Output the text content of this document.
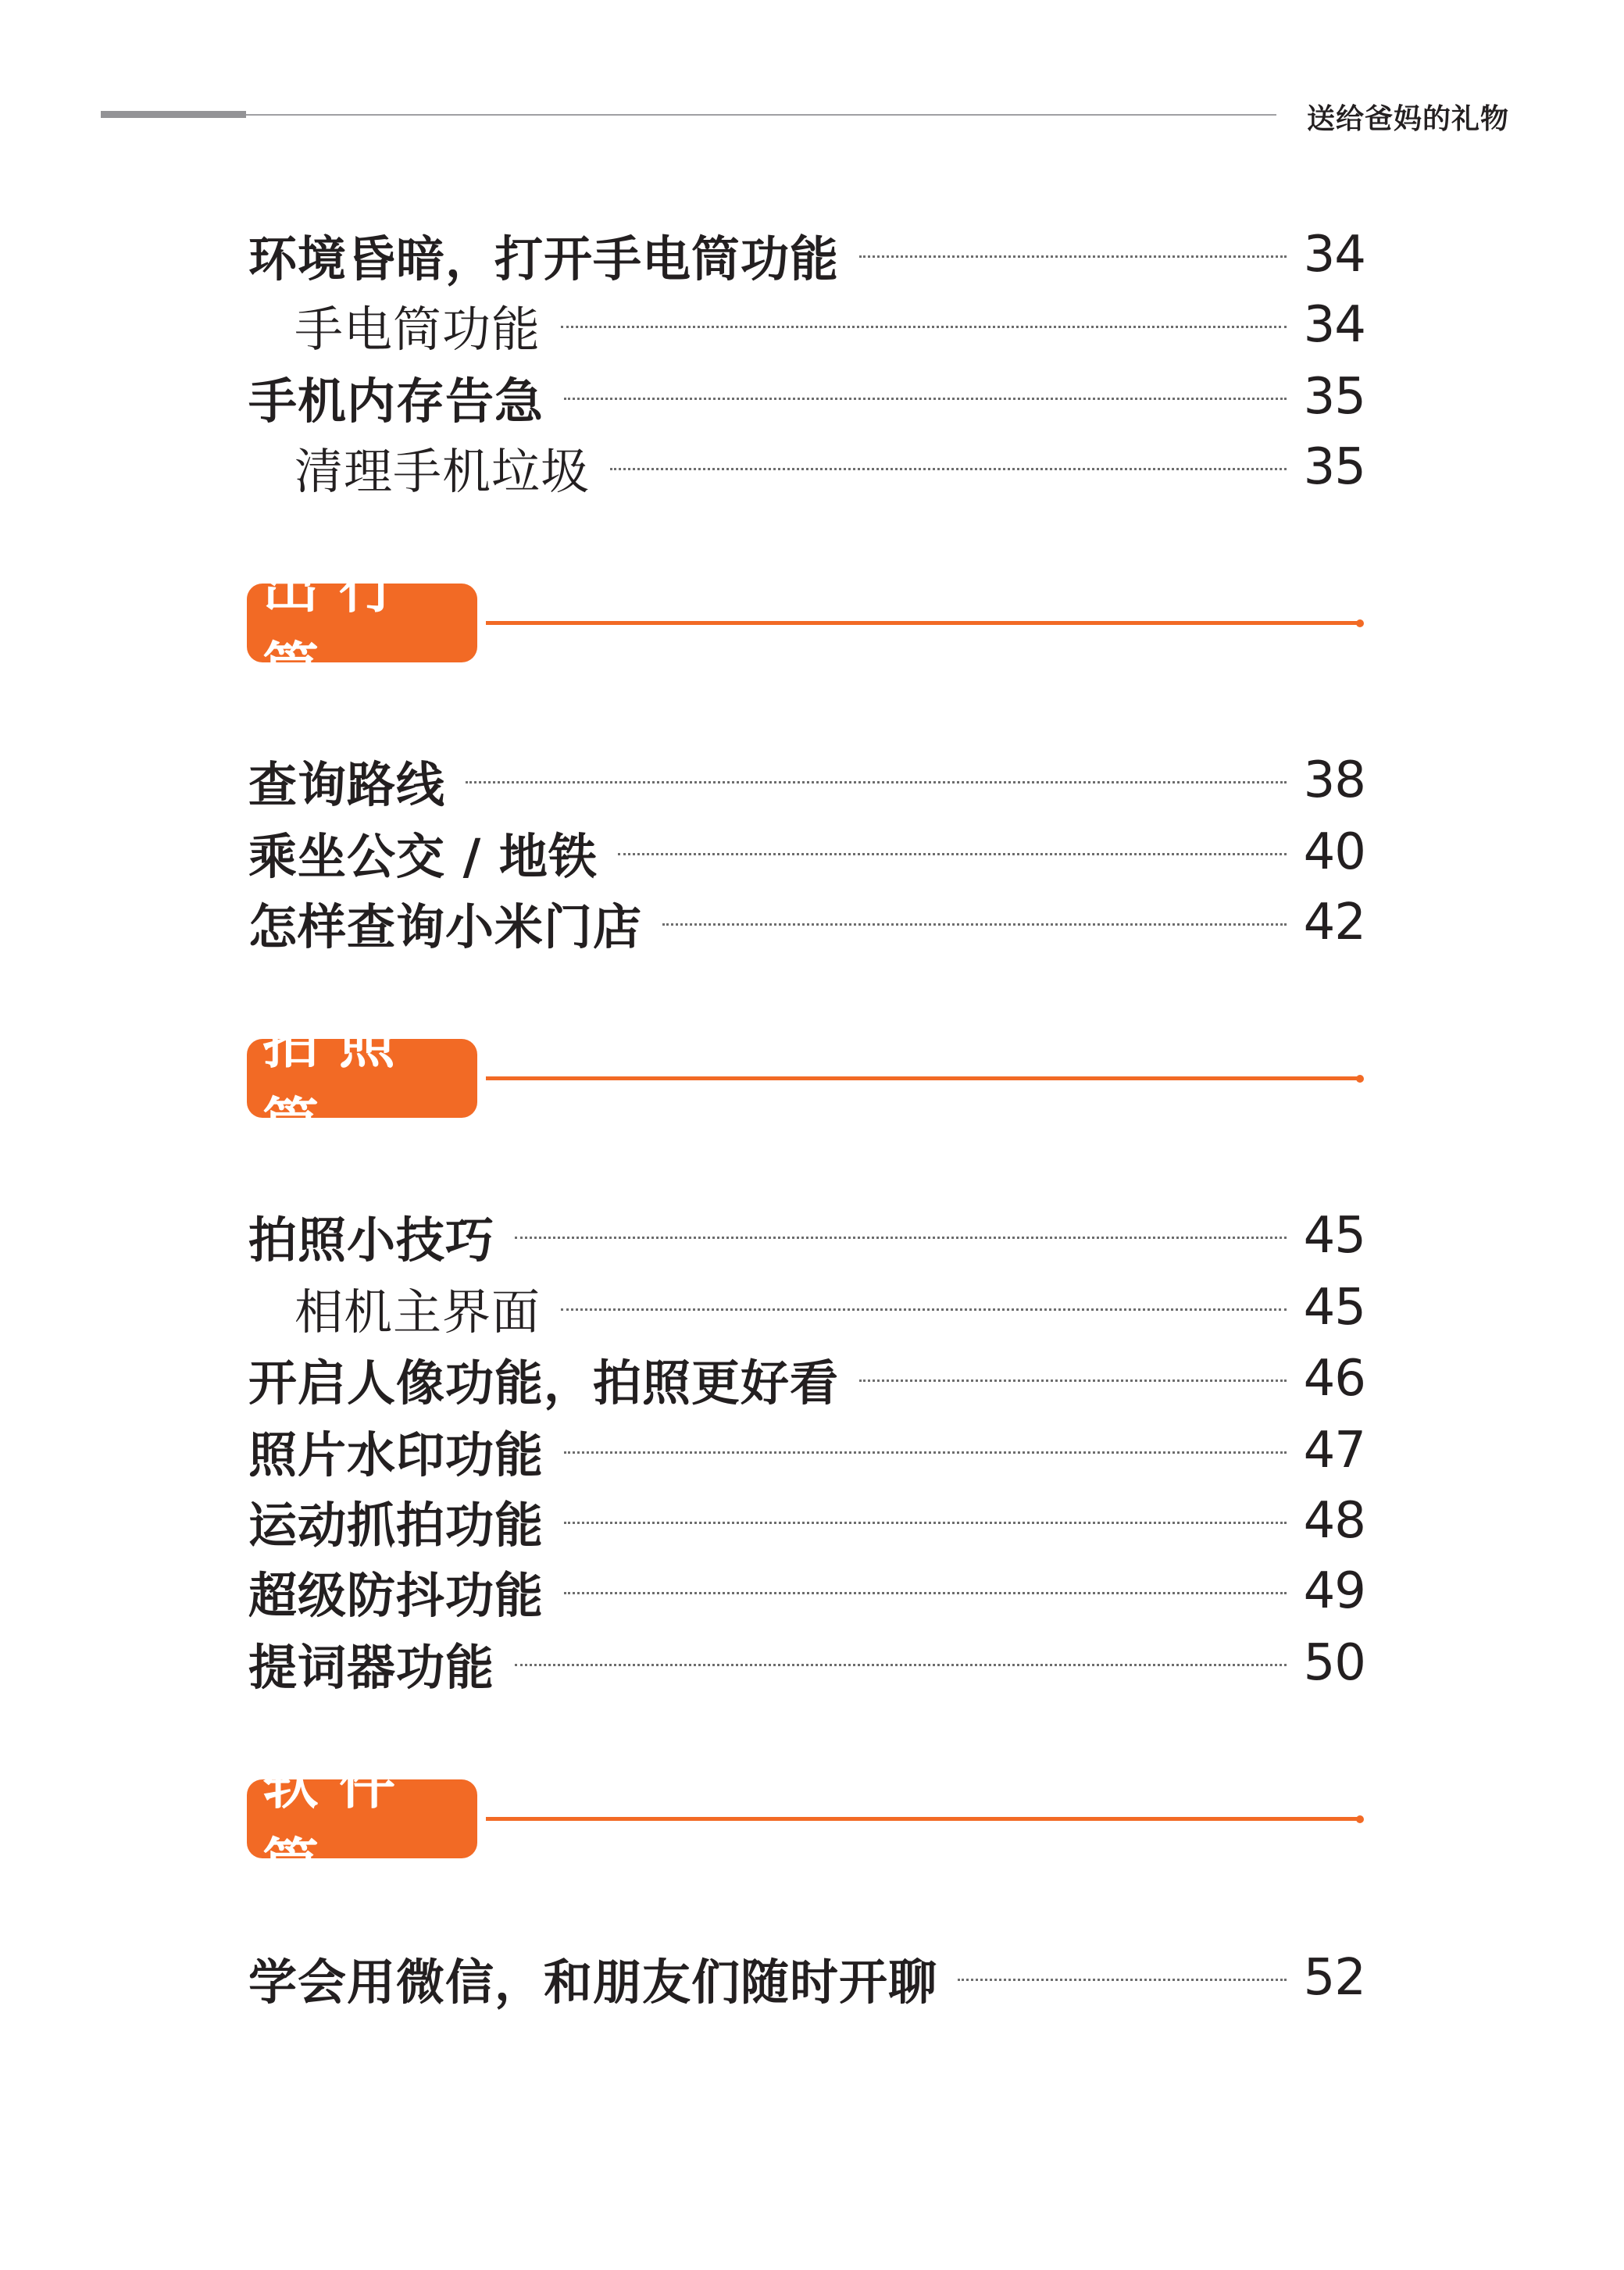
送给爸妈的礼物
环境昏暗，打开手电筒功能	34
手电筒功能	34
手机内存告急	35
清理手机垃圾	35
出行篇
查询路线	38
乘坐公交 / 地铁	40
怎样查询小米门店	42
拍照篇
拍照小技巧	45
相机主界面	45
开启人像功能，拍照更好看	46
照片水印功能	47
运动抓拍功能	48
超级防抖功能	49
提词器功能	50
软件篇
学会用微信，和朋友们随时开聊	52
